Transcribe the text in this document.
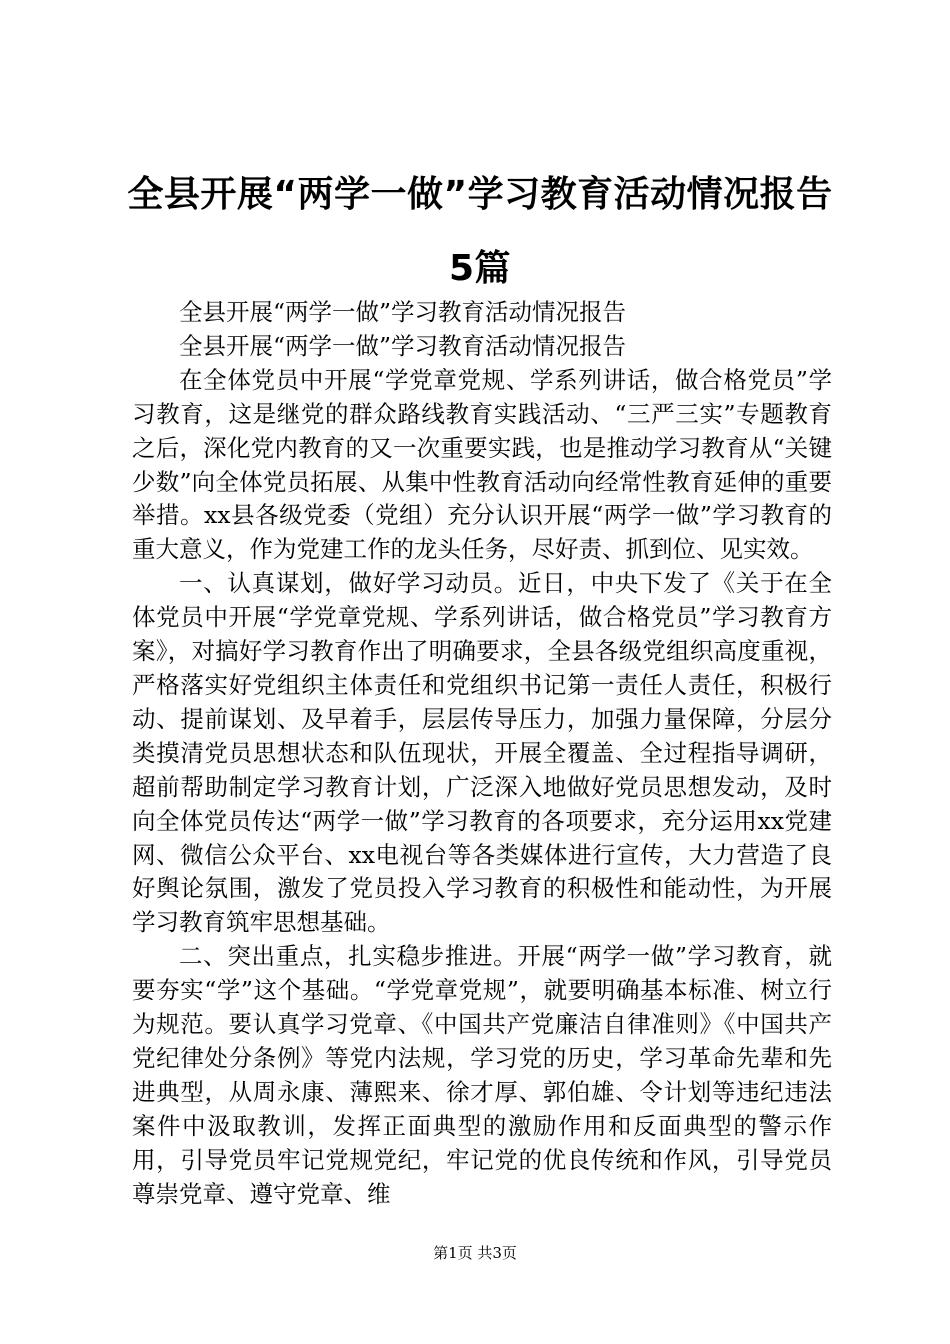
全县开展“两学一做”学习教育活动情况报告5篇

全县开展“两学一做”学习教育活动情况报告

全县开展“两学一做”学习教育活动情况报告

在全体党员中开展“学党章党规、学系列讲话，做合格党员”学习教育，这是继党的群众路线教育实践活动、“三严三实”专题教育之后，深化党内教育的又一次重要实践，也是推动学习教育从“关键少数”向全体党员拓展、从集中性教育活动向经常性教育延伸的重要举措。xx县各级党委（党组）充分认识开展“两学一做”学习教育的重大意义，作为党建工作的龙头任务，尽好责、抓到位、见实效。

一、认真谋划，做好学习动员。近日，中央下发了《关于在全体党员中开展“学党章党规、学系列讲话，做合格党员”学习教育方案》，对搞好学习教育作出了明确要求，全县各级党组织高度重视，严格落实好党组织主体责任和党组织书记第一责任人责任，积极行动、提前谋划、及早着手，层层传导压力，加强力量保障，分层分类摸清党员思想状态和队伍现状，开展全覆盖、全过程指导调研，超前帮助制定学习教育计划，广泛深入地做好党员思想发动，及时向全体党员传达“两学一做”学习教育的各项要求，充分运用xx党建网、微信公众平台、xx电视台等各类媒体进行宣传，大力营造了良好舆论氛围，激发了党员投入学习教育的积极性和能动性，为开展学习教育筑牢思想基础。

二、突出重点，扎实稳步推进。开展“两学一做”学习教育，就要夯实“学”这个基础。“学党章党规”，就要明确基本标准、树立行为规范。要认真学习党章、《中国共产党廉洁自律准则》《中国共产党纪律处分条例》等党内法规，学习党的历史，学习革命先辈和先进典型，从周永康、薄熙来、徐才厚、郭伯雄、令计划等违纪违法案件中汲取教训，发挥正面典型的激励作用和反面典型的警示作用，引导党员牢记党规党纪，牢记党的优良传统和作风，引导党员尊崇党章、遵守党章、维

第1页 共3页
